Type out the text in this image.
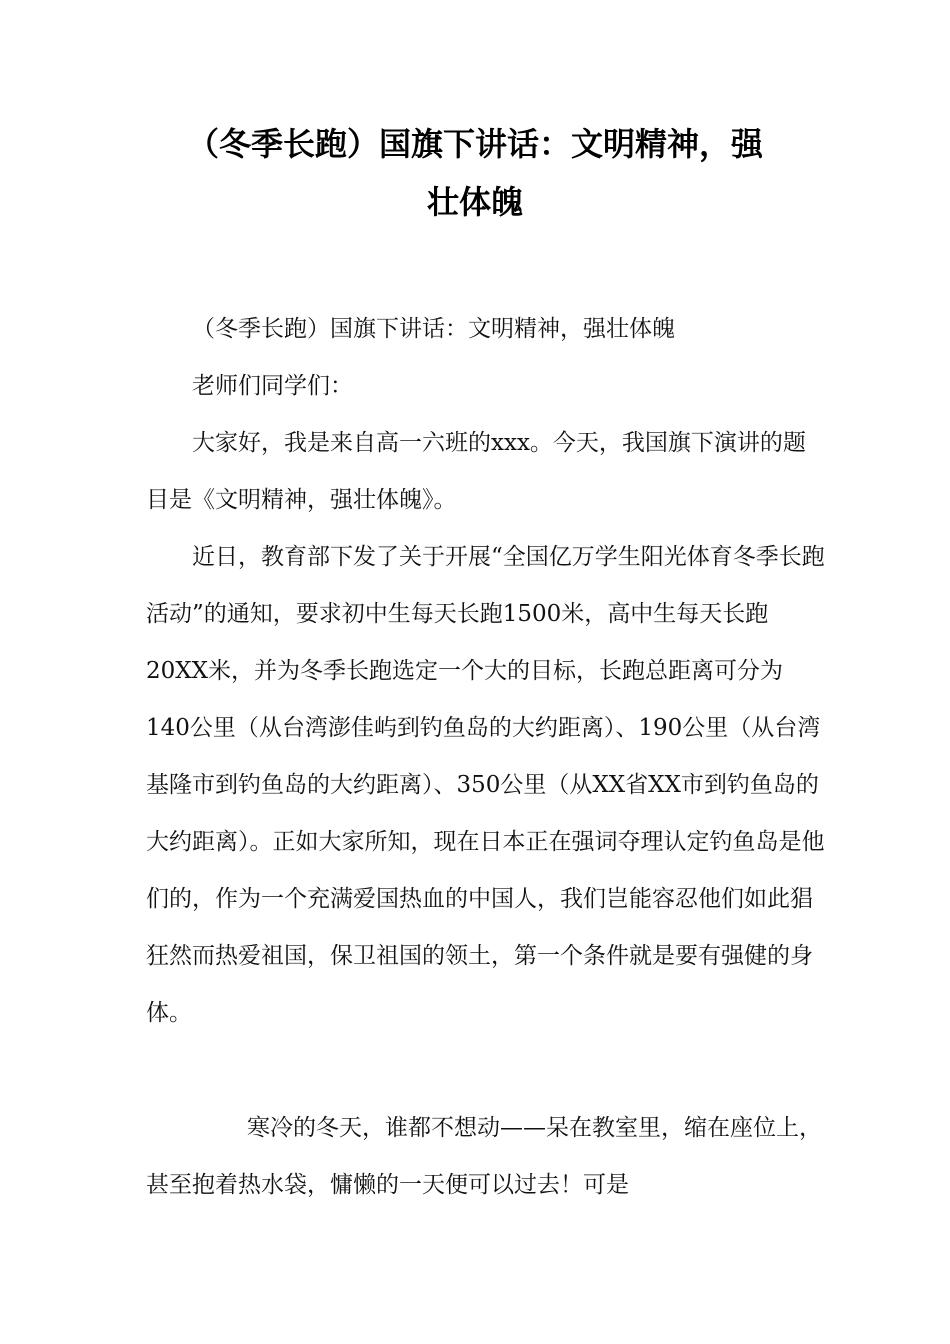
（冬季长跑）国旗下讲话：文明精神，强
壮体魄

（冬季长跑）国旗下讲话：文明精神，强壮体魄

老师们同学们：

大家好，我是来自高一六班的xxx。今天，我国旗下演讲的题目是《文明精神，强壮体魄》。

近日，教育部下发了关于开展“全国亿万学生阳光体育冬季长跑活动”的通知，要求初中生每天长跑1500米，高中生每天长跑20XX米，并为冬季长跑选定一个大的目标，长跑总距离可分为140公里（从台湾澎佳屿到钓鱼岛的大约距离）、190公里（从台湾基隆市到钓鱼岛的大约距离）、350公里（从XX省XX市到钓鱼岛的大约距离）。正如大家所知，现在日本正在强词夺理认定钓鱼岛是他们的，作为一个充满爱国热血的中国人，我们岂能容忍他们如此猖狂然而热爱祖国，保卫祖国的领土，第一个条件就是要有强健的身体。

寒冷的冬天，谁都不想动——呆在教室里，缩在座位上，甚至抱着热水袋，慵懒的一天便可以过去！可是
